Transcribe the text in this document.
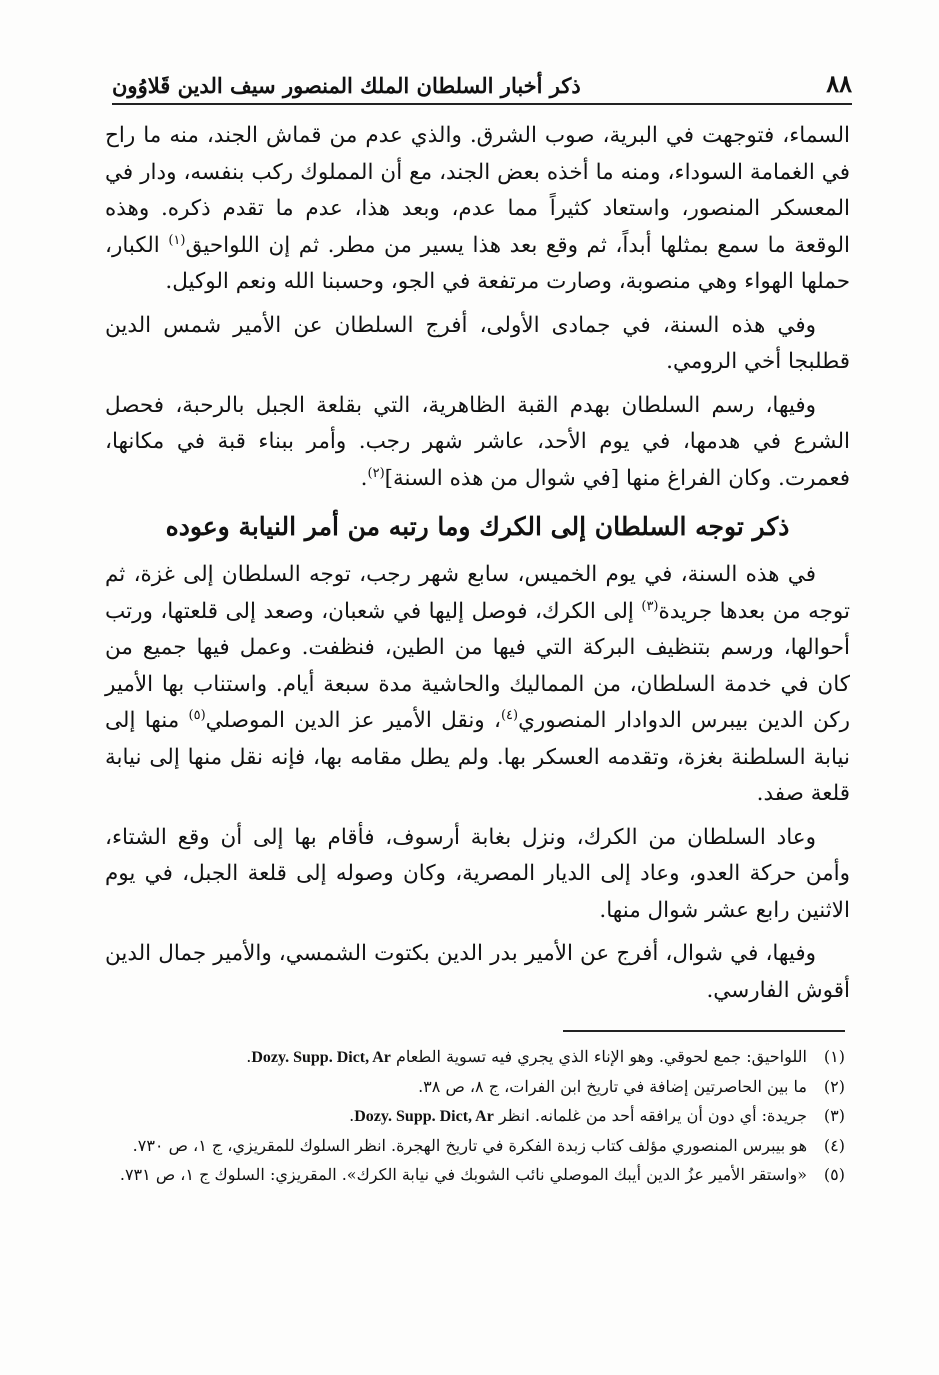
٨٨
ذكر أخبار السلطان الملك المنصور سيف الدين قَلاوُون

السماء، فتوجهت في البرية، صوب الشرق. والذي عدم من قماش الجند، منه ما راح في الغمامة السوداء، ومنه ما أخذه بعض الجند، مع أن المملوك ركب بنفسه، ودار في المعسكر المنصور، واستعاد كثيراً مما عدم، وبعد هذا، عدم ما تقدم ذكره. وهذه الوقعة ما سمع بمثلها أبداً، ثم وقع بعد هذا يسير من مطر. ثم إن اللواحيق$^{(١)}$ الكبار، حملها الهواء وهي منصوبة، وصارت مرتفعة في الجو، وحسبنا الله ونعم الوكيل.

وفي هذه السنة، في جمادى الأولى، أفرج السلطان عن الأمير شمس الدين قطلبجا أخي الرومي.

وفيها، رسم السلطان بهدم القبة الظاهرية، التي بقلعة الجبل بالرحبة، فحصل الشرع في هدمها، في يوم الأحد، عاشر شهر رجب. وأمر ببناء قبة في مكانها، فعمرت. وكان الفراغ منها [في شوال من هذه السنة]$^{(٢)}$.

ذكر توجه السلطان إلى الكرك وما رتبه من أمر النيابة وعوده

في هذه السنة، في يوم الخميس، سابع شهر رجب، توجه السلطان إلى غزة، ثم توجه من بعدها جريدة$^{(٣)}$ إلى الكرك، فوصل إليها في شعبان، وصعد إلى قلعتها، ورتب أحوالها، ورسم بتنظيف البركة التي فيها من الطين، فنظفت. وعمل فيها جميع من كان في خدمة السلطان، من المماليك والحاشية مدة سبعة أيام. واستناب بها الأمير ركن الدين بيبرس الدوادار المنصوري$^{(٤)}$، ونقل الأمير عز الدين الموصلي$^{(٥)}$ منها إلى نيابة السلطنة بغزة، وتقدمه العسكر بها. ولم يطل مقامه بها، فإنه نقل منها إلى نيابة قلعة صفد.

وعاد السلطان من الكرك، ونزل بغابة أرسوف، فأقام بها إلى أن وقع الشتاء، وأمن حركة العدو، وعاد إلى الديار المصرية، وكان وصوله إلى قلعة الجبل، في يوم الاثنين رابع عشر شوال منها.

وفيها، في شوال، أفرج عن الأمير بدر الدين بكتوت الشمسي، والأمير جمال الدين أقوش الفارسي.

(١)
اللواحيق: جمع لحوقي. وهو الإناء الذي يجري فيه تسوية الطعام Dozy. Supp. Dict, Ar.
(٢)
ما بين الحاصرتين إضافة في تاريخ ابن الفرات، ج ٨، ص ٣٨.
(٣)
جريدة: أي دون أن يرافقه أحد من غلمانه. انظر Dozy. Supp. Dict, Ar.
(٤)
هو بيبرس المنصوري مؤلف كتاب زبدة الفكرة في تاريخ الهجرة. انظر السلوك للمقريزي، ج ١، ص ٧٣٠.
(٥)
«واستقر الأمير عزُ الدين أيبك الموصلي نائب الشوبك في نيابة الكرك». المقريزي: السلوك ج ١، ص ٧٣١.
